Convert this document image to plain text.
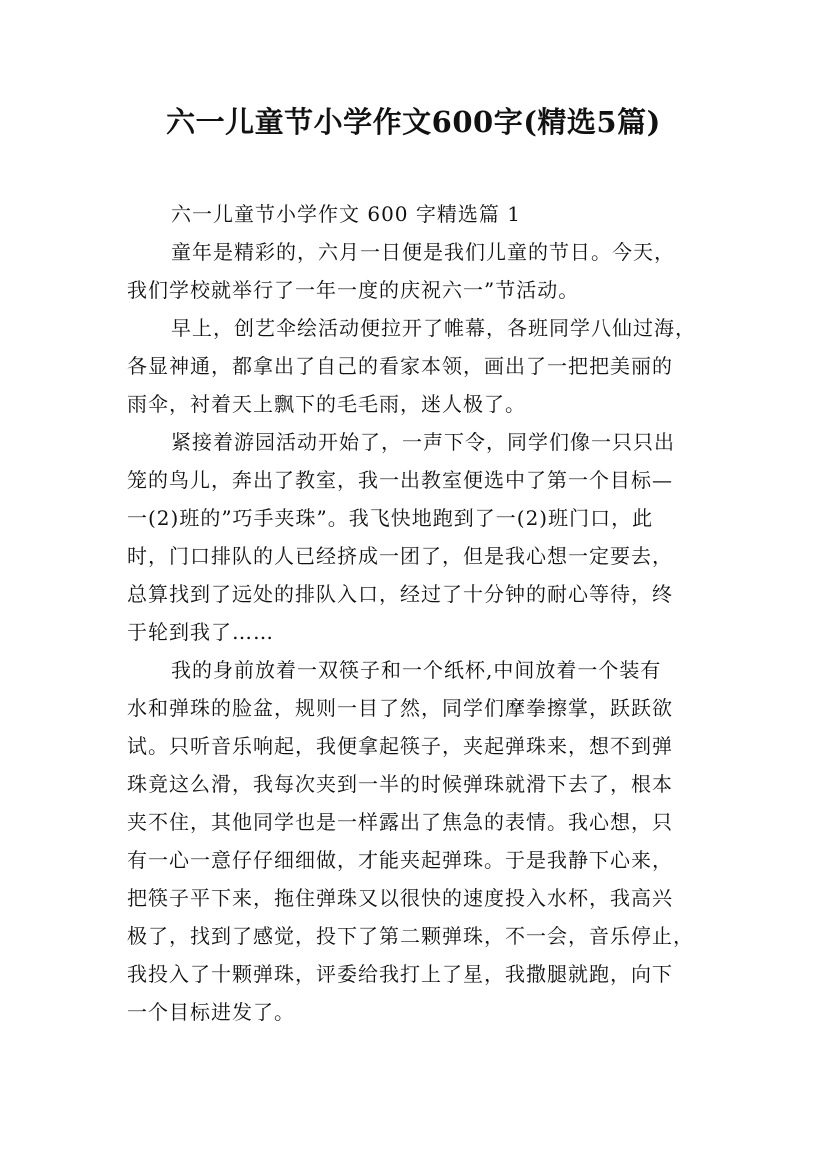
六一儿童节小学作文600字(精选5篇)
六一儿童节小学作文 600 字精选篇 1
童年是精彩的，六月一日便是我们儿童的节日。今天，
我们学校就举行了一年一度的庆祝六一”节活动。
早上，创艺伞绘活动便拉开了帷幕，各班同学八仙过海，
各显神通，都拿出了自己的看家本领，画出了一把把美丽的
雨伞，衬着天上飘下的毛毛雨，迷人极了。
紧接着游园活动开始了，一声下令，同学们像一只只出
笼的鸟儿，奔出了教室，我一出教室便选中了第一个目标—
一(2)班的”巧手夹珠”。我飞快地跑到了一(2)班门口，此
时，门口排队的人已经挤成一团了，但是我心想一定要去，
总算找到了远处的排队入口，经过了十分钟的耐心等待，终
于轮到我了……
我的身前放着一双筷子和一个纸杯,中间放着一个装有
水和弹珠的脸盆，规则一目了然，同学们摩拳擦掌，跃跃欲
试。只听音乐响起，我便拿起筷子，夹起弹珠来，想不到弹
珠竟这么滑，我每次夹到一半的时候弹珠就滑下去了，根本
夹不住，其他同学也是一样露出了焦急的表情。我心想，只
有一心一意仔仔细细做，才能夹起弹珠。于是我静下心来，
把筷子平下来，拖住弹珠又以很快的速度投入水杯，我高兴
极了，找到了感觉，投下了第二颗弹珠，不一会，音乐停止，
我投入了十颗弹珠，评委给我打上了星，我撒腿就跑，向下
一个目标进发了。
